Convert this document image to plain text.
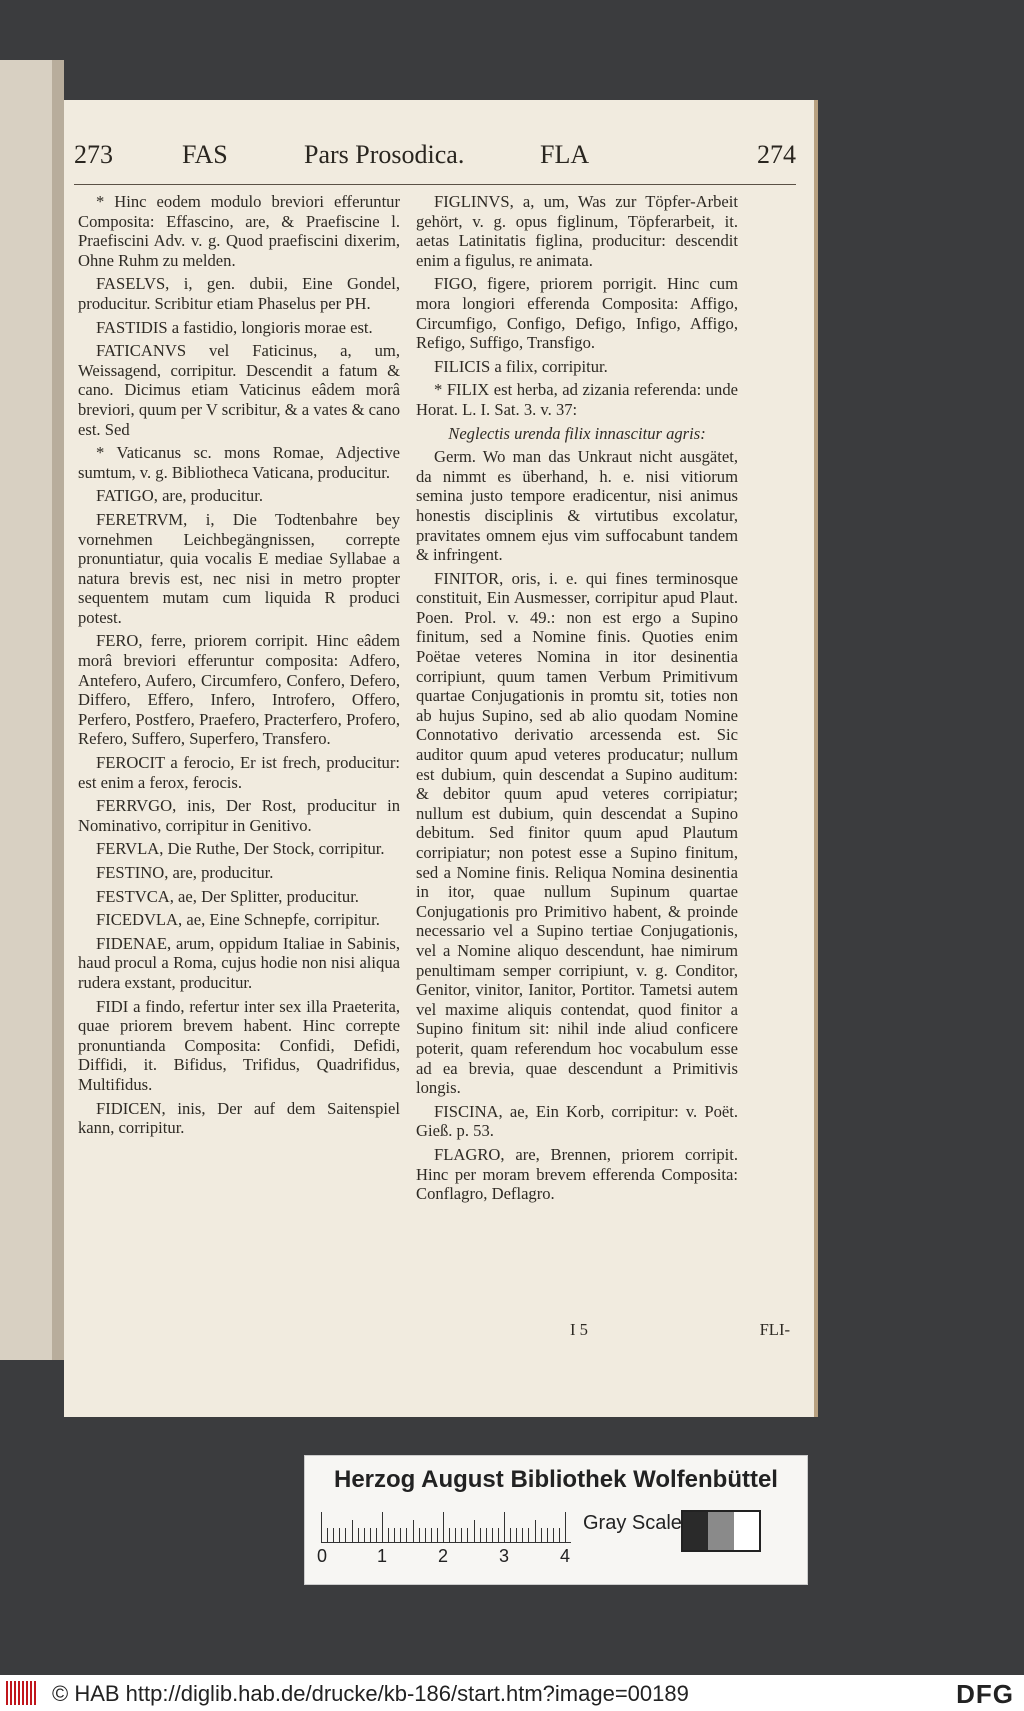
273	FAS	Pars Prosodica.	FLA	274

* Hinc eodem modulo breviori efferuntur Composita: Effascino, are, & Praefiscine l. Praefiscini Adv. v. g. Quod praefiscini dixerim, Ohne Ruhm zu melden.

FASELVS, i, gen. dubii, Eine Gondel, producitur. Scribitur etiam Phaselus per PH.

FASTIDIS a fastidio, longioris morae est.

FATICANVS vel Faticinus, a, um, Weissagend, corripitur. Descendit a fatum & cano. Dicimus etiam Vaticinus eâdem morâ breviori, quum per V scribitur, & a vates & cano est. Sed

* Vaticanus sc. mons Romae, Adjective sumtum, v. g. Bibliotheca Vaticana, producitur.

FATIGO, are, producitur.

FERETRVM, i, Die Todtenbahre bey vornehmen Leichbegängnissen, correpte pronuntiatur, quia vocalis E mediae Syllabae a natura brevis est, nec nisi in metro propter sequentem mutam cum liquida R produci potest.

FERO, ferre, priorem corripit. Hinc eâdem morâ breviori efferuntur composita: Adfero, Antefero, Aufero, Circumfero, Confero, Defero, Differo, Effero, Infero, Introfero, Offero, Perfero, Postfero, Praefero, Practerfero, Profero, Refero, Suffero, Superfero, Transfero.

FEROCIT a ferocio, Er ist frech, producitur: est enim a ferox, ferocis.

FERRVGO, inis, Der Rost, producitur in Nominativo, corripitur in Genitivo.

FERVLA, Die Ruthe, Der Stock, corripitur.

FESTINO, are, producitur.

FESTVCA, ae, Der Splitter, producitur.

FICEDVLA, ae, Eine Schnepfe, corripitur.

FIDENAE, arum, oppidum Italiae in Sabinis, haud procul a Roma, cujus hodie non nisi aliqua rudera exstant, producitur.

FIDI a findo, refertur inter sex illa Praeterita, quae priorem brevem habent. Hinc correpte pronuntianda Composita: Confidi, Defidi, Diffidi, it. Bifidus, Trifidus, Quadrifidus, Multifidus.

FIDICEN, inis, Der auf dem Saitenspiel kann, corripitur.

FIGLINVS, a, um, Was zur Töpfer-Arbeit gehört, v. g. opus figlinum, Töpferarbeit, it. aetas Latinitatis figlina, producitur: descendit enim a figulus, re animata.

FIGO, figere, priorem porrigit. Hinc cum mora longiori efferenda Composita: Affigo, Circumfigo, Configo, Defigo, Infigo, Affigo, Refigo, Suffigo, Transfigo.

FILICIS a filix, corripitur.

* FILIX est herba, ad zizania referenda: unde Horat. L. I. Sat. 3. v. 37:

Neglectis urenda filix innascitur agris:

Germ. Wo man das Unkraut nicht ausgätet, da nimmt es überhand, h. e. nisi vitiorum semina justo tempore eradicentur, nisi animus honestis disciplinis & virtutibus excolatur, pravitates omnem ejus vim suffocabunt tandem & infringent.

FINITOR, oris, i. e. qui fines terminosque constituit, Ein Ausmesser, corripitur apud Plaut. Poen. Prol. v. 49.: non est ergo a Supino finitum, sed a Nomine finis. Quoties enim Poëtae veteres Nomina in itor desinentia corripiunt, quum tamen Verbum Primitivum quartae Conjugationis in promtu sit, toties non ab hujus Supino, sed ab alio quodam Nomine Connotativo derivatio arcessenda est. Sic auditor quum apud veteres producatur; nullum est dubium, quin descendat a Supino auditum: & debitor quum apud veteres corripiatur; nullum est dubium, quin descendat a Supino debitum. Sed finitor quum apud Plautum corripiatur; non potest esse a Supino finitum, sed a Nomine finis. Reliqua Nomina desinentia in itor, quae nullum Supinum quartae Conjugationis pro Primitivo habent, & proinde necessario vel a Supino tertiae Conjugationis, vel a Nomine aliquo descendunt, hae nimirum penultimam semper corripiunt, v. g. Conditor, Genitor, vinitor, Ianitor, Portitor. Tametsi autem vel maxime aliquis contendat, quod finitor a Supino finitum sit: nihil inde aliud conficere poterit, quam referendum hoc vocabulum esse ad ea brevia, quae descendunt a Primitivis longis.

FISCINA, ae, Ein Korb, corripitur: v. Poët. Gieß. p. 53.

FLAGRO, are, Brennen, priorem corripit. Hinc per moram brevem efferenda Composita: Conflagro, Deflagro.

I 5	FLI-
Herzog August Bibliothek Wolfenbüttel
0	1	2	3	4
Gray Scale
© HAB http://diglib.hab.de/drucke/kb-186/start.htm?image=00189	DFG
